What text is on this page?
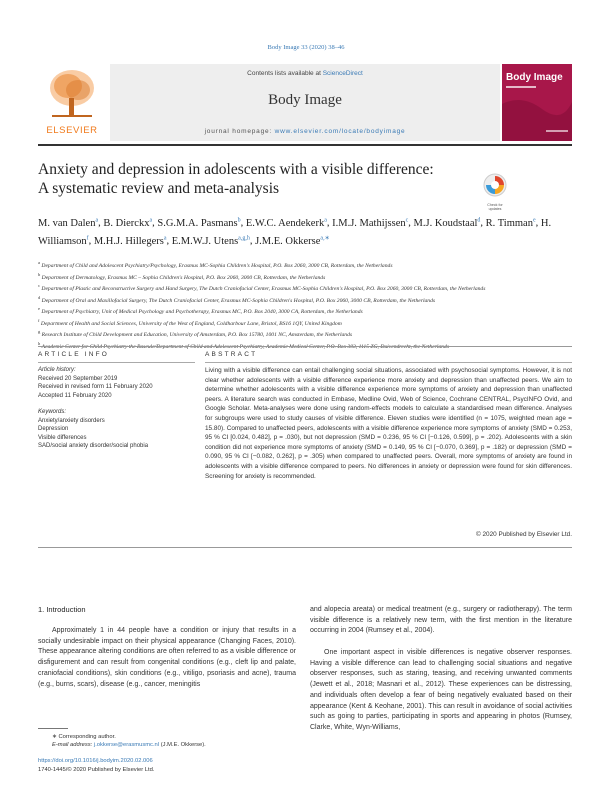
Body Image 33 (2020) 38–46
ELSEVIER
Contents lists available at ScienceDirect
Body Image
journal homepage: www.elsevier.com/locate/bodyimage
Body Image
Anxiety and depression in adolescents with a visible difference:
A systematic review and meta-analysis
Check for updates
M. van Dalen$^a$, B. Dierckx$^a$, S.G.M.A. Pasmans$^b$, E.W.C. Aendekerk$^a$, I.M.J. Mathijssen$^c$, M.J. Koudstaal$^d$, R. Timman$^e$, H. Williamson$^f$, M.H.J. Hillegers$^a$, E.M.W.J. Utens$^{a,g,h}$, J.M.E. Okkerse$^{a,∗}$
$^a$ Department of Child and Adolescent Psychiatry/Psychology, Erasmus MC-Sophia Children's Hospital, P.O. Box 2060, 3000 CB, Rotterdam, the Netherlands
$^b$ Department of Dermatology, Erasmus MC – Sophia Children's Hospital, P.O. Box 2060, 3000 CB, Rotterdam, the Netherlands
$^c$ Department of Plastic and Reconstructive Surgery and Hand Surgery, The Dutch Craniofacial Center, Erasmus MC-Sophia Children's Hospital, P.O. Box 2060, 3000 CB, Rotterdam, the Netherlands
$^d$ Department of Oral and Maxillofacial Surgery, The Dutch Craniofacial Center, Erasmus MC-Sophia Children's Hospital, P.O. Box 2060, 3000 CB, Rotterdam, the Netherlands
$^e$ Department of Psychiatry, Unit of Medical Psychology and Psychotherapy, Erasmus MC, P.O. Box 2040, 3000 CA, Rotterdam, the Netherlands
$^f$ Department of Health and Social Sciences, University of the West of England, Coldharbour Lane, Bristol, BS16 1QY, United Kingdom
$^g$ Research Institute of Child Development and Education, University of Amsterdam, P.O. Box 15780, 1001 NC, Amsterdam, the Netherlands
$^h$
ARTICLE INFO	ABSTRACT
Article history:
Received 20 September 2019
Received in revised form 11 February 2020
Accepted 11 February 2020
Keywords:
Anxiety/anxiety disorders
Depression
Visible differences
SAD/social anxiety disorder/social phobia
Living with a visible difference can entail challenging social situations, associated with psychosocial symptoms. However, it is not clear whether adolescents with a visible difference experience more anxiety and depression than unaffected peers. We aim to determine whether adolescents with a visible difference experience more symptoms of anxiety and depression than unaffected peers. A literature search was conducted in Embase, Medline Ovid, Web of Science, Cochrane CENTRAL, PsycINFO Ovid, and Google Scholar. Meta-analyses were done using random-effects models to calculate a standardised mean difference. Analyses for subgroups were used to study causes of visible difference. Eleven studies were identified (n = 1075, weighted mean age = 15.80). Compared to unaffected peers, adolescents with a visible difference experience more symptoms of anxiety (SMD = 0.253, 95 % CI [0.024, 0.482], p = .030), but not depression (SMD = 0.236, 95 % CI [−0.126, 0.599], p = .202). Adolescents with a skin condition did not experience more symptoms of anxiety (SMD = 0.149, 95 % CI [−0.070, 0.369], p = .182) or depression (SMD = 0.090, 95 % CI [−0.082, 0.262], p = .305) when compared to unaffected peers. Overall, more symptoms of anxiety are found in adolescents with a visible difference compared to peers. No differences in anxiety or depression were found for skin differences. Screening for anxiety is recommended.
© 2020 Published by Elsevier Ltd.
1. Introduction
Approximately 1 in 44 people have a condition or injury that results in a socially undesirable impact on their physical appearance (Changing Faces, 2010). These appearance altering conditions are often referred to as a visible difference or disfigurement and can result from congenital conditions (e.g., cleft lip and palate, craniofacial conditions), skin conditions (e.g., vitiligo, psoriasis and acne), trauma (e.g., burns, scars), disease (e.g., cancer, meningitis
and alopecia areata) or medical treatment (e.g., surgery or radiotherapy). The term visible difference is a relatively new term, with the first mention in the literature occurring in 2004 (Rumsey et al., 2004).
One important aspect in visible differences is negative observer responses. Having a visible difference can lead to challenging social situations and negative observer responses, such as staring, teasing, and receiving unwanted comments (Jewett et al., 2018; Masnari et al., 2012). These experiences can be distressing, and individuals often develop a fear of being negatively evaluated based on their appearance (Kent & Keohane, 2001). This can result in avoidance of social activities such as going to parties, participating in sports and appearing in photos (Rumsey, Clarke, White, Wyn-Williams,
∗ Corresponding author.
E-mail address: j.okkerse@erasmusmc.nl (J.M.E. Okkerse).
https://doi.org/10.1016/j.bodyim.2020.02.006
1740-1445/© 2020 Published by Elsevier Ltd.
